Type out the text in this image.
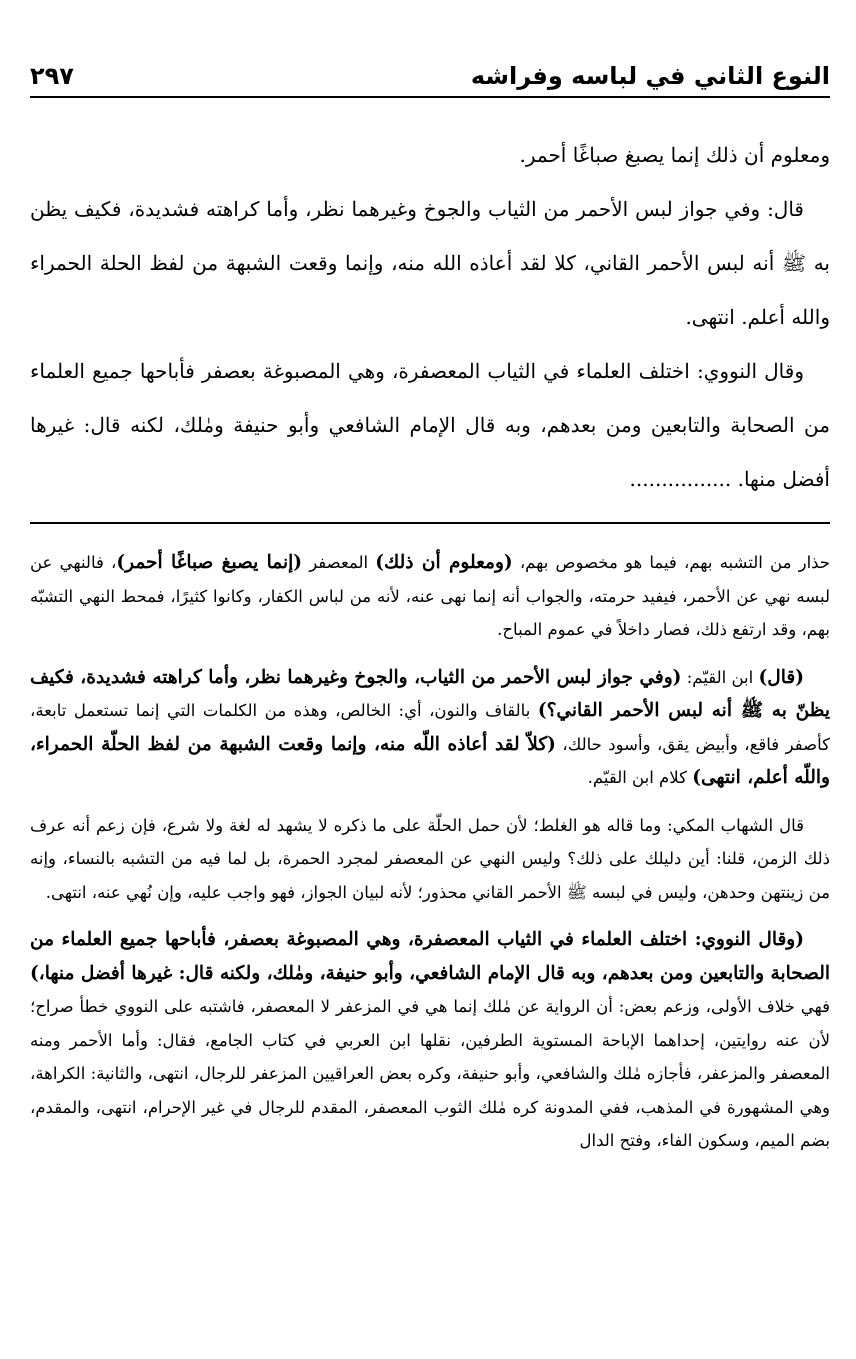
النوع الثاني في لباسه وفراشه
٢٩٧

ومعلوم أن ذلك إنما يصبغ صباغًا أحمر.

قال: وفي جواز لبس الأحمر من الثياب والجوخ وغيرهما نظر، وأما كراهته فشديدة، فكيف يظن به ﷺ أنه لبس الأحمر القاني، كلا لقد أعاذه الله منه، وإنما وقعت الشبهة من لفظ الحلة الحمراء والله أعلم. انتهى.

وقال النووي: اختلف العلماء في الثياب المعصفرة، وهي المصبوغة بعصفر فأباحها جميع العلماء من الصحابة والتابعين ومن بعدهم، وبه قال الإمام الشافعي وأبو حنيفة ومٰلك، لكنه قال: غيرها أفضل منها. ................

حذار من التشبه بهم، فيما هو مخصوص بهم، (ومعلوم أن ذلك) المعصفر (إنما يصبغ صباغًا أحمر)، فالنهي عن لبسه نهي عن الأحمر، فيفيد حرمته، والجواب أنه إنما نهى عنه، لأنه من لباس الكفار، وكانوا كثيرًا، فمحط النهي التشبّه بهم، وقد ارتفع ذلك، فصار داخلاً في عموم المباح.

(قال) ابن القيّم: (وفي جواز لبس الأحمر من الثياب، والجوخ وغيرهما نظر، وأما كراهته فشديدة، فكيف يظنّ به ﷺ أنه لبس الأحمر القاني؟) بالقاف والنون، أي: الخالص، وهذه من الكلمات التي إنما تستعمل تابعة، كأصفر فاقع، وأبيض يقق، وأسود حالك، (كلاّ لقد أعاذه اللّه منه، وإنما وقعت الشبهة من لفظ الحلّة الحمراء، واللّه أعلم، انتهى) كلام ابن القيّم.

قال الشهاب المكي: وما قاله هو الغلط؛ لأن حمل الحلّة على ما ذكره لا يشهد له لغة ولا شرع، فإن زعم أنه عرف ذلك الزمن، قلنا: أين دليلك على ذلك؟ وليس النهي عن المعصفر لمجرد الحمرة، بل لما فيه من التشبه بالنساء، وإنه من زينتهن وحدهن، وليس في لبسه ﷺ الأحمر القاني محذور؛ لأنه لبيان الجواز، فهو واجب عليه، وإن نُهي عنه، انتهى.

(وقال النووي: اختلف العلماء في الثياب المعصفرة، وهي المصبوغة بعصفر، فأباحها جميع العلماء من الصحابة والتابعين ومن بعدهم، وبه قال الإمام الشافعي، وأبو حنيفة، ومٰلك، ولكنه قال: غيرها أفضل منها،) فهي خلاف الأولى، وزعم بعض: أن الرواية عن مٰلك إنما هي في المزعفر لا المعصفر، فاشتبه على النووي خطأ صراح؛ لأن عنه روايتين، إحداهما الإباحة المستوية الطرفين، نقلها ابن العربي في كتاب الجامع، فقال: وأما الأحمر ومنه المعصفر والمزعفر، فأجازه مٰلك والشافعي، وأبو حنيفة، وكره بعض العراقيين المزعفر للرجال، انتهى، والثانية: الكراهة، وهي المشهورة في المذهب، ففي المدونة كره مٰلك الثوب المعصفر، المقدم للرجال في غير الإحرام، انتهى، والمقدم، بضم الميم، وسكون الفاء، وفتح الدال
